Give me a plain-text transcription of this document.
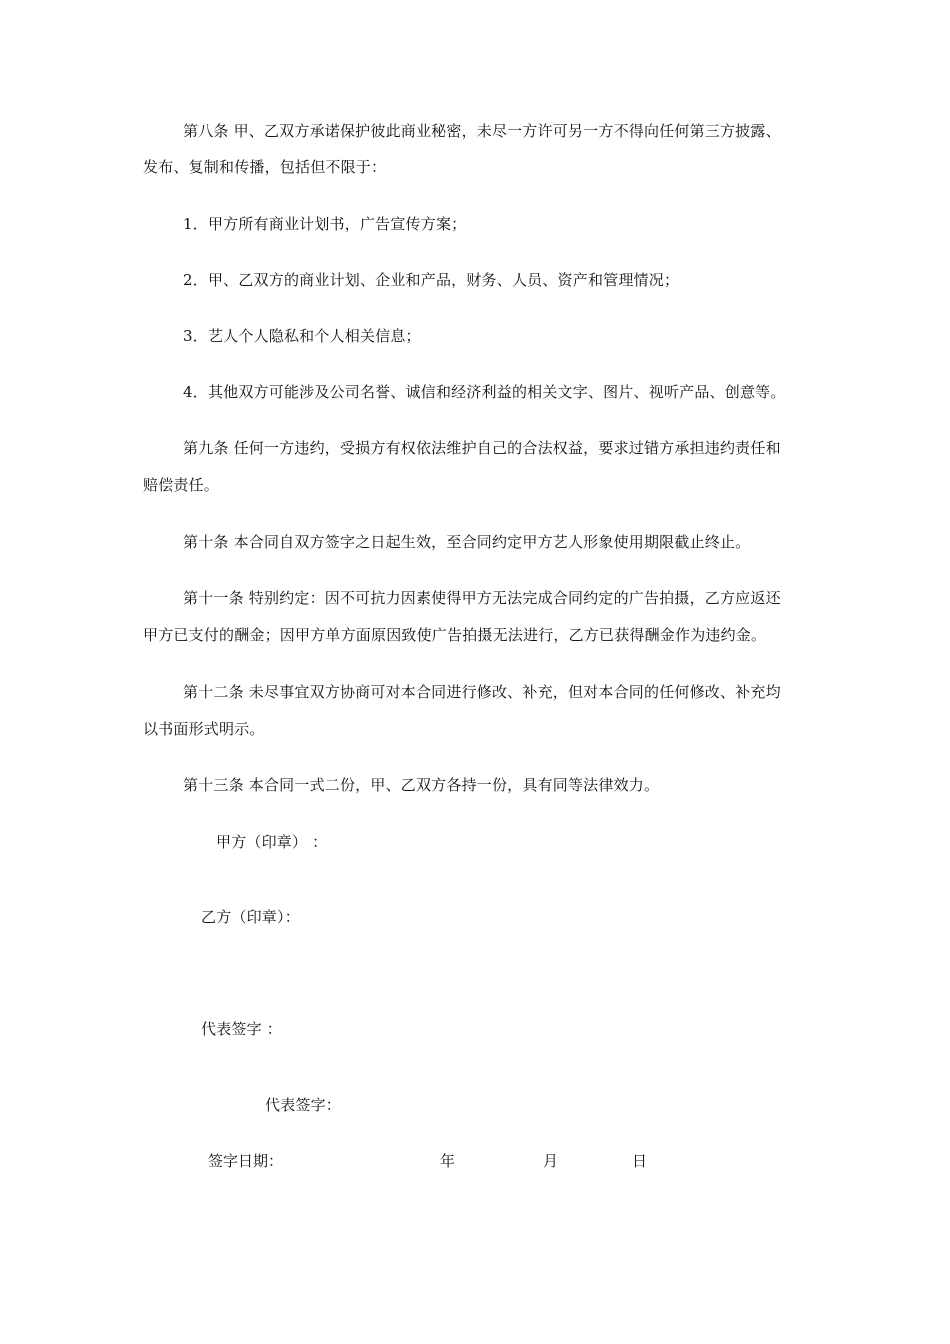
第八条 甲、乙双方承诺保护彼此商业秘密，未尽一方许可另一方不得向任何第三方披露、
发布、复制和传播，包括但不限于：
1．甲方所有商业计划书，广告宣传方案；
2．甲、乙双方的商业计划、企业和产品，财务、人员、资产和管理情况；
3．艺人个人隐私和个人相关信息；
4．其他双方可能涉及公司名誉、诚信和经济利益的相关文字、图片、视听产品、创意等。
第九条 任何一方违约，受损方有权依法维护自己的合法权益，要求过错方承担违约责任和
赔偿责任。
第十条 本合同自双方签字之日起生效，至合同约定甲方艺人形象使用期限截止终止。
第十一条 特别约定：因不可抗力因素使得甲方无法完成合同约定的广告拍摄，乙方应返还
甲方已支付的酬金；因甲方单方面原因致使广告拍摄无法进行，乙方已获得酬金作为违约金。
第十二条 未尽事宜双方协商可对本合同进行修改、补充，但对本合同的任何修改、补充均
以书面形式明示。
第十三条 本合同一式二份，甲、乙双方各持一份，具有同等法律效力。
甲方（印章） ：
乙方（印章）：
代表签字 ：
代表签字：
签字日期：	年	月	日
